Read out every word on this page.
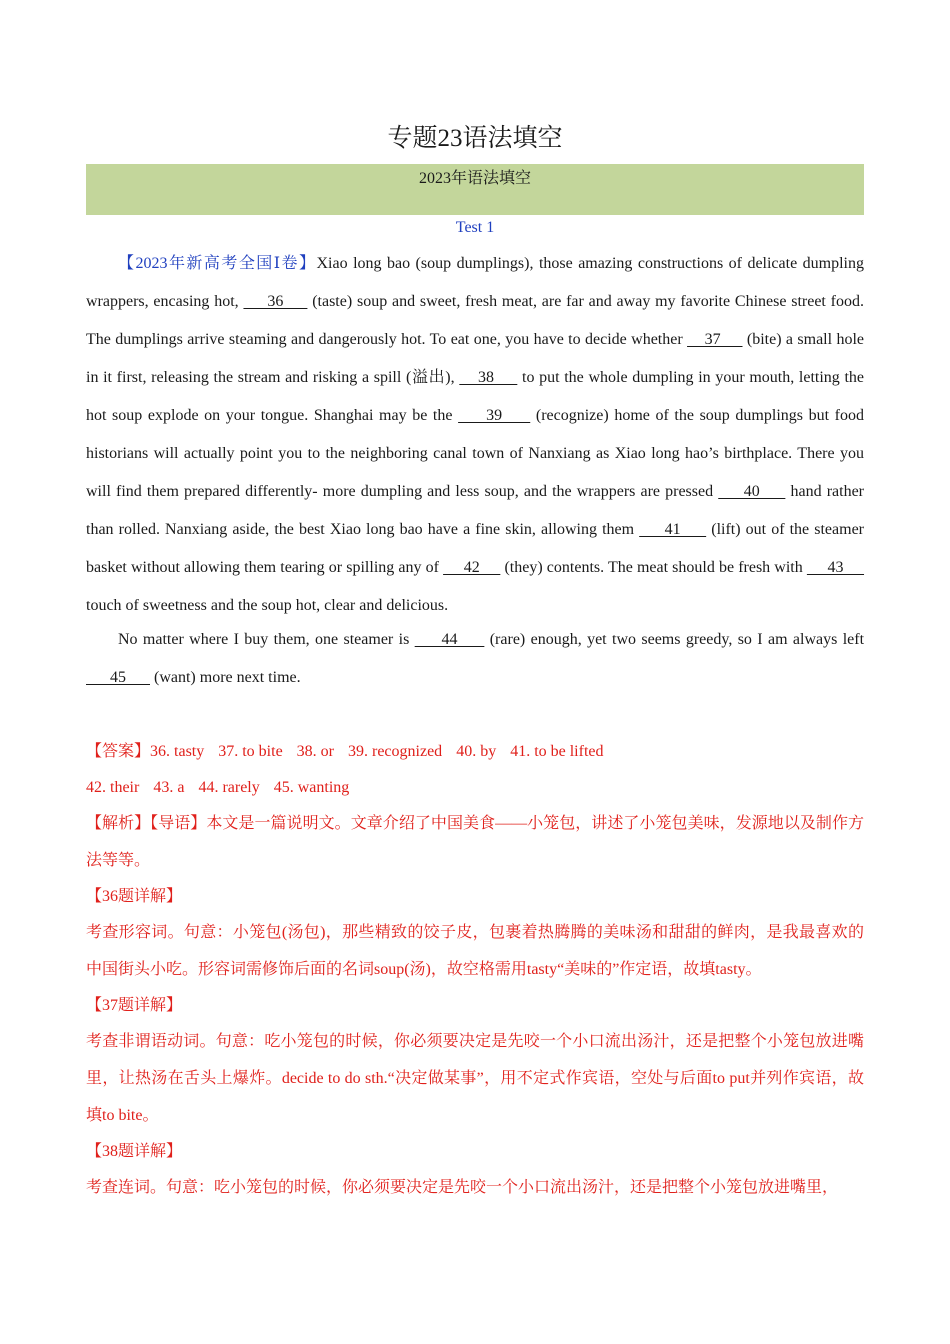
专题23语法填空
2023年语法填空
Test 1

【2023年新高考全国Ⅰ卷】Xiao long bao (soup dumplings), those amazing constructions of delicate dumpling wrappers, encasing hot,      36      (taste) soup and sweet, fresh meat, are far and away my favorite Chinese street food. The dumplings arrive steaming and dangerously hot. To eat one, you have to decide whether     37      (bite) a small hole in it first, releasing the stream and risking a spill (溢出),     38      to put the whole dumpling in your mouth, letting the hot soup explode on your tongue. Shanghai may be the      39      (recognize) home of the soup dumplings but food historians will actually point you to the neighboring canal town of Nanxiang as Xiao long hao’s birthplace. There you will find them prepared differently- more dumpling and less soup, and the wrappers are pressed      40      hand rather than rolled. Nanxiang aside, the best Xiao long bao have a fine skin, allowing them      41      (lift) out of the steamer basket without allowing them tearing or spilling any of      42      (they) contents. The meat should be fresh with      43      touch of sweetness and the soup hot, clear and delicious.

No matter where I buy them, one steamer is      44      (rare) enough, yet two seems greedy, so I am always left       45       (want) more next time.

【答案】36. tasty 37. to bite 38. or 39. recognized 40. by 41. to be lifted
42. their 43. a 44. rarely 45. wanting

【解析】【导语】本文是一篇说明文。文章介绍了中国美食——小笼包，讲述了小笼包美味，发源地以及制作方法等等。

【36题详解】

考查形容词。句意：小笼包(汤包)，那些精致的饺子皮，包裹着热腾腾的美味汤和甜甜的鲜肉，是我最喜欢的中国街头小吃。形容词需修饰后面的名词soup(汤)，故空格需用tasty“美味的”作定语，故填tasty。

【37题详解】

考查非谓语动词。句意：吃小笼包的时候，你必须要决定是先咬一个小口流出汤汁，还是把整个小笼包放进嘴里，让热汤在舌头上爆炸。decide to do sth.“决定做某事”，用不定式作宾语，空处与后面to put并列作宾语，故填to bite。

【38题详解】

考查连词。句意：吃小笼包的时候，你必须要决定是先咬一个小口流出汤汁，还是把整个小笼包放进嘴里，
